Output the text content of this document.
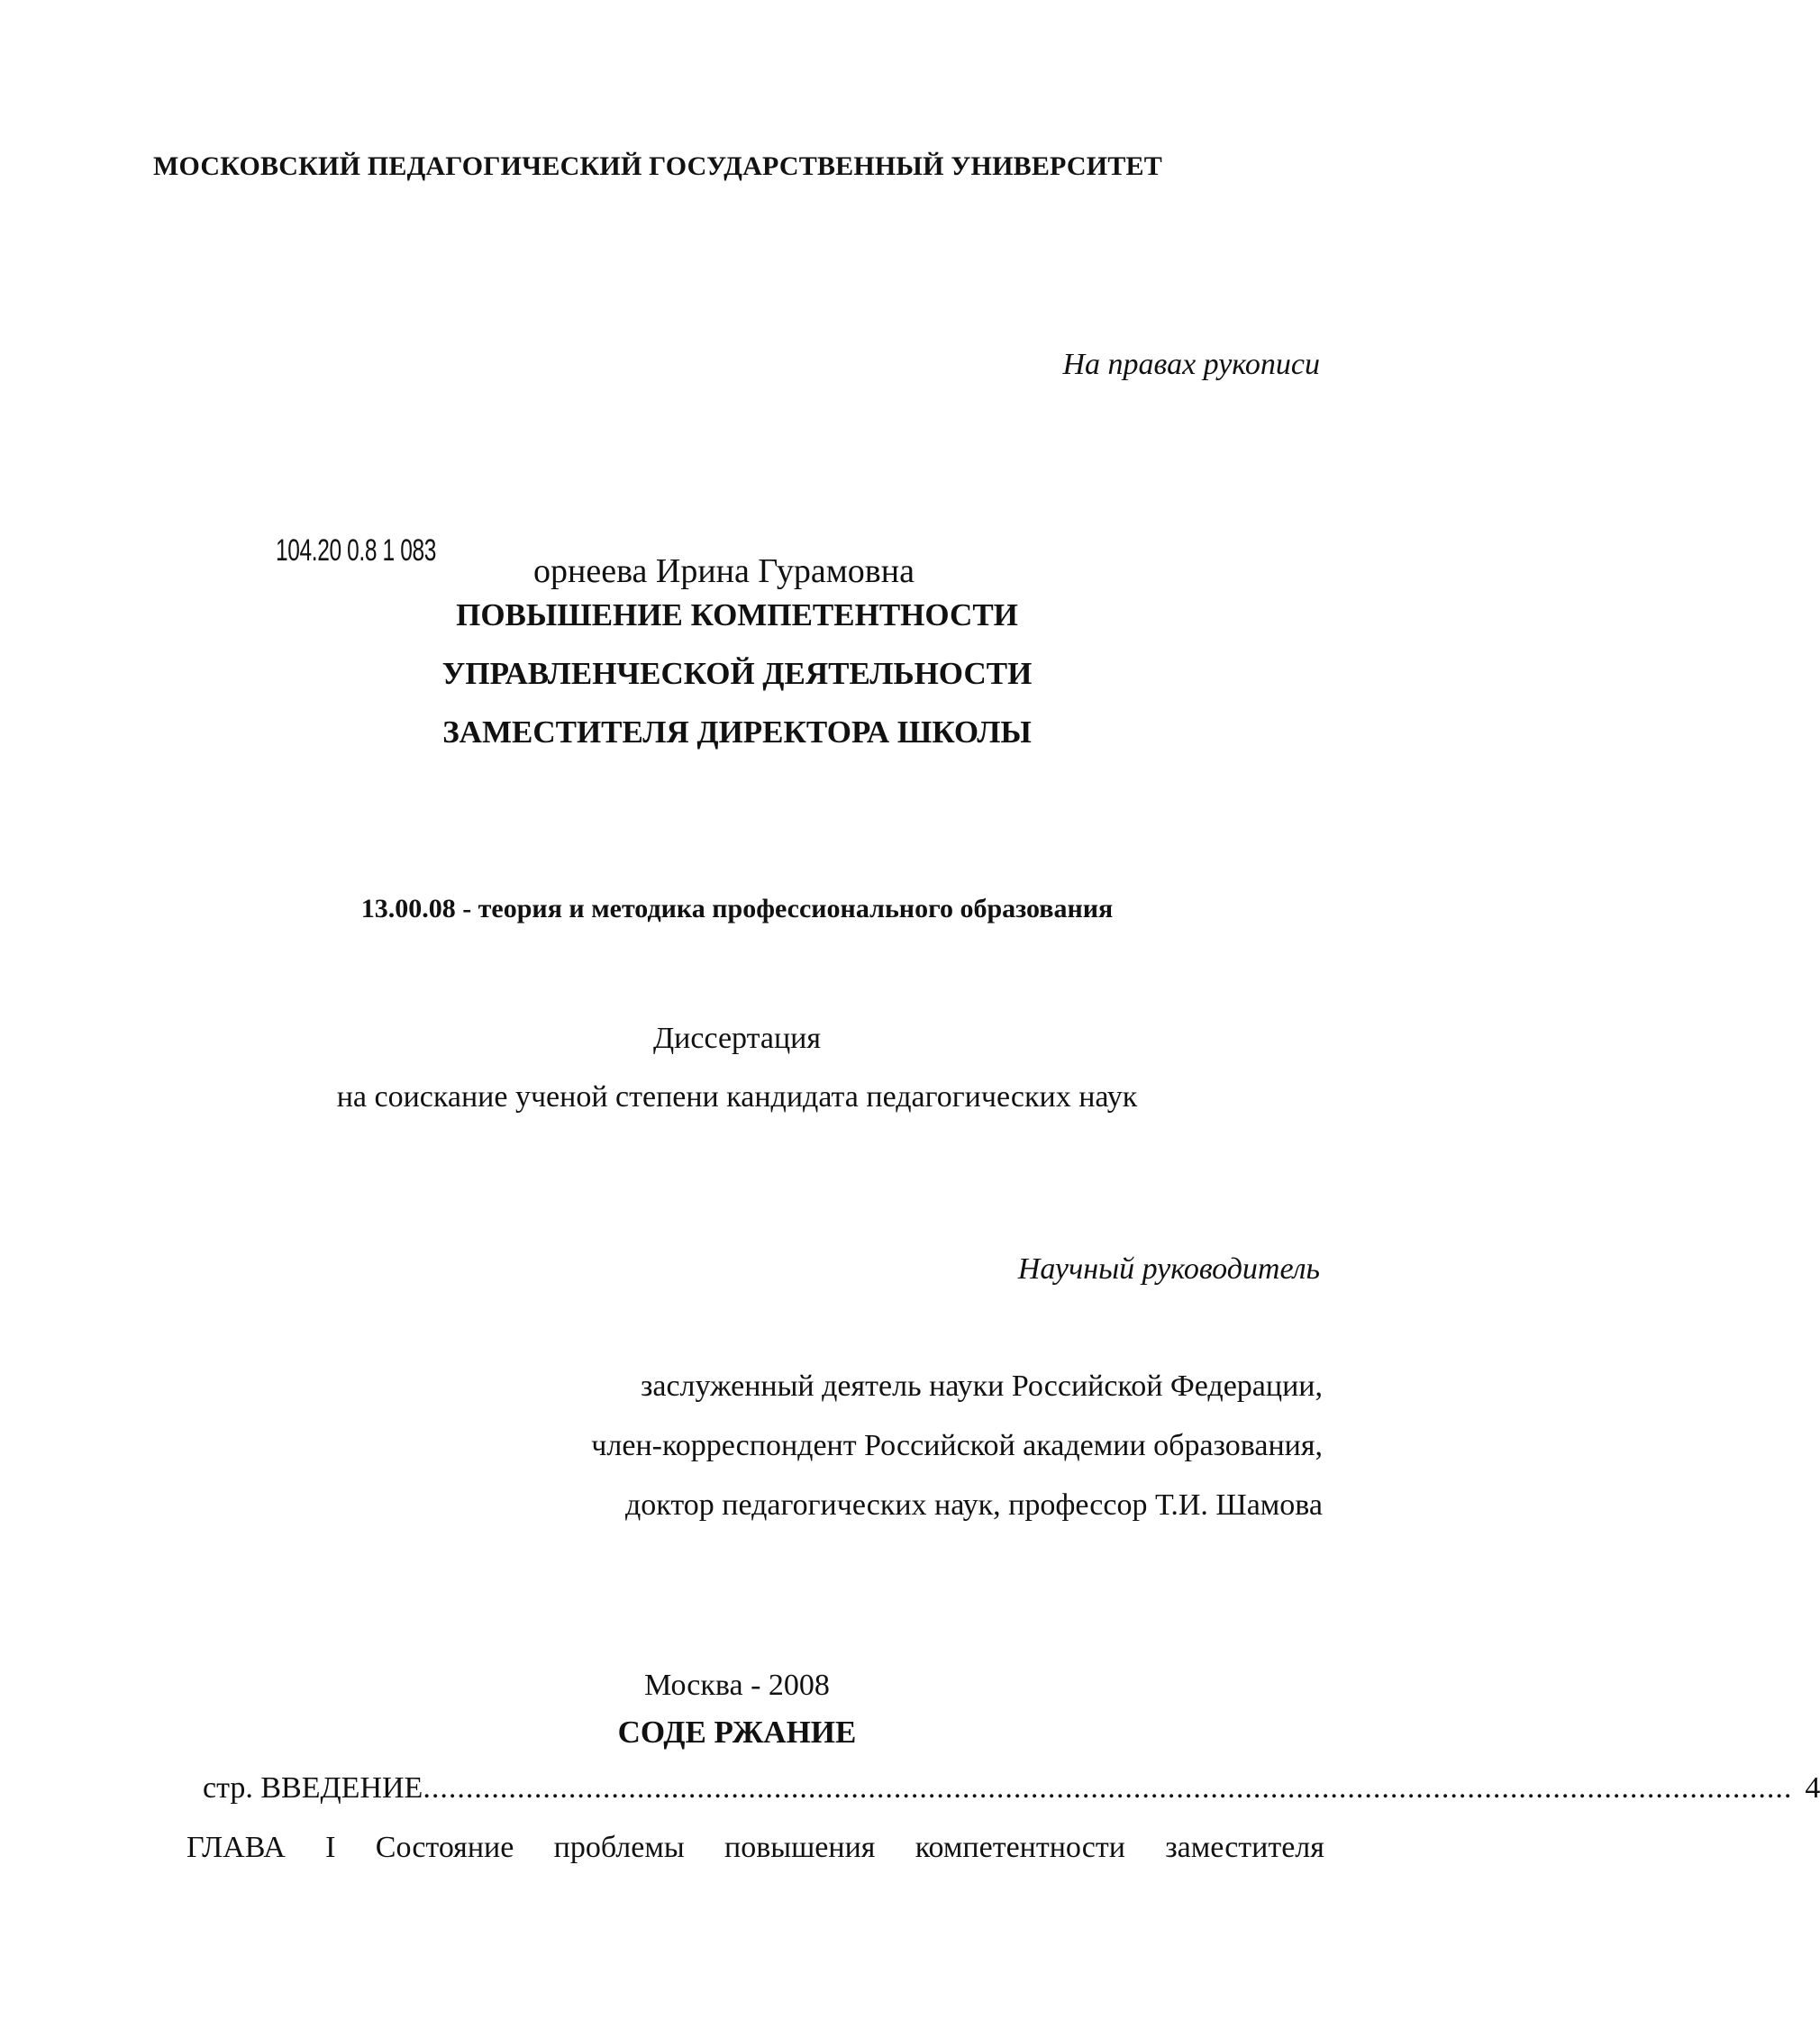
МОСКОВСКИЙ ПЕДАГОГИЧЕСКИЙ ГОСУДАРСТВЕННЫЙ УНИВЕРСИТЕТ
На правах рукописи
104.20 0.8 1 083
орнеева Ирина Гурамовна
ПОВЫШЕНИЕ КОМПЕТЕНТНОСТИ
УПРАВЛЕНЧЕСКОЙ ДЕЯТЕЛЬНОСТИ
ЗАМЕСТИТЕЛЯ ДИРЕКТОРА ШКОЛЫ
13.00.08 - теория и методика профессионального образования
Диссертация
на соискание ученой степени кандидата педагогических наук
Научный руководитель
заслуженный деятель науки Российской Федерации,
член-корреспондент Российской академии образования,
доктор педагогических наук, профессор Т.И. Шамова
Москва - 2008
СОДЕ РЖАНИЕ
стр. ВВЕДЕНИЕ ................................................................................................................................................................ 4
ГЛАВА I Состояние проблемы повышения компетентности заместителя
